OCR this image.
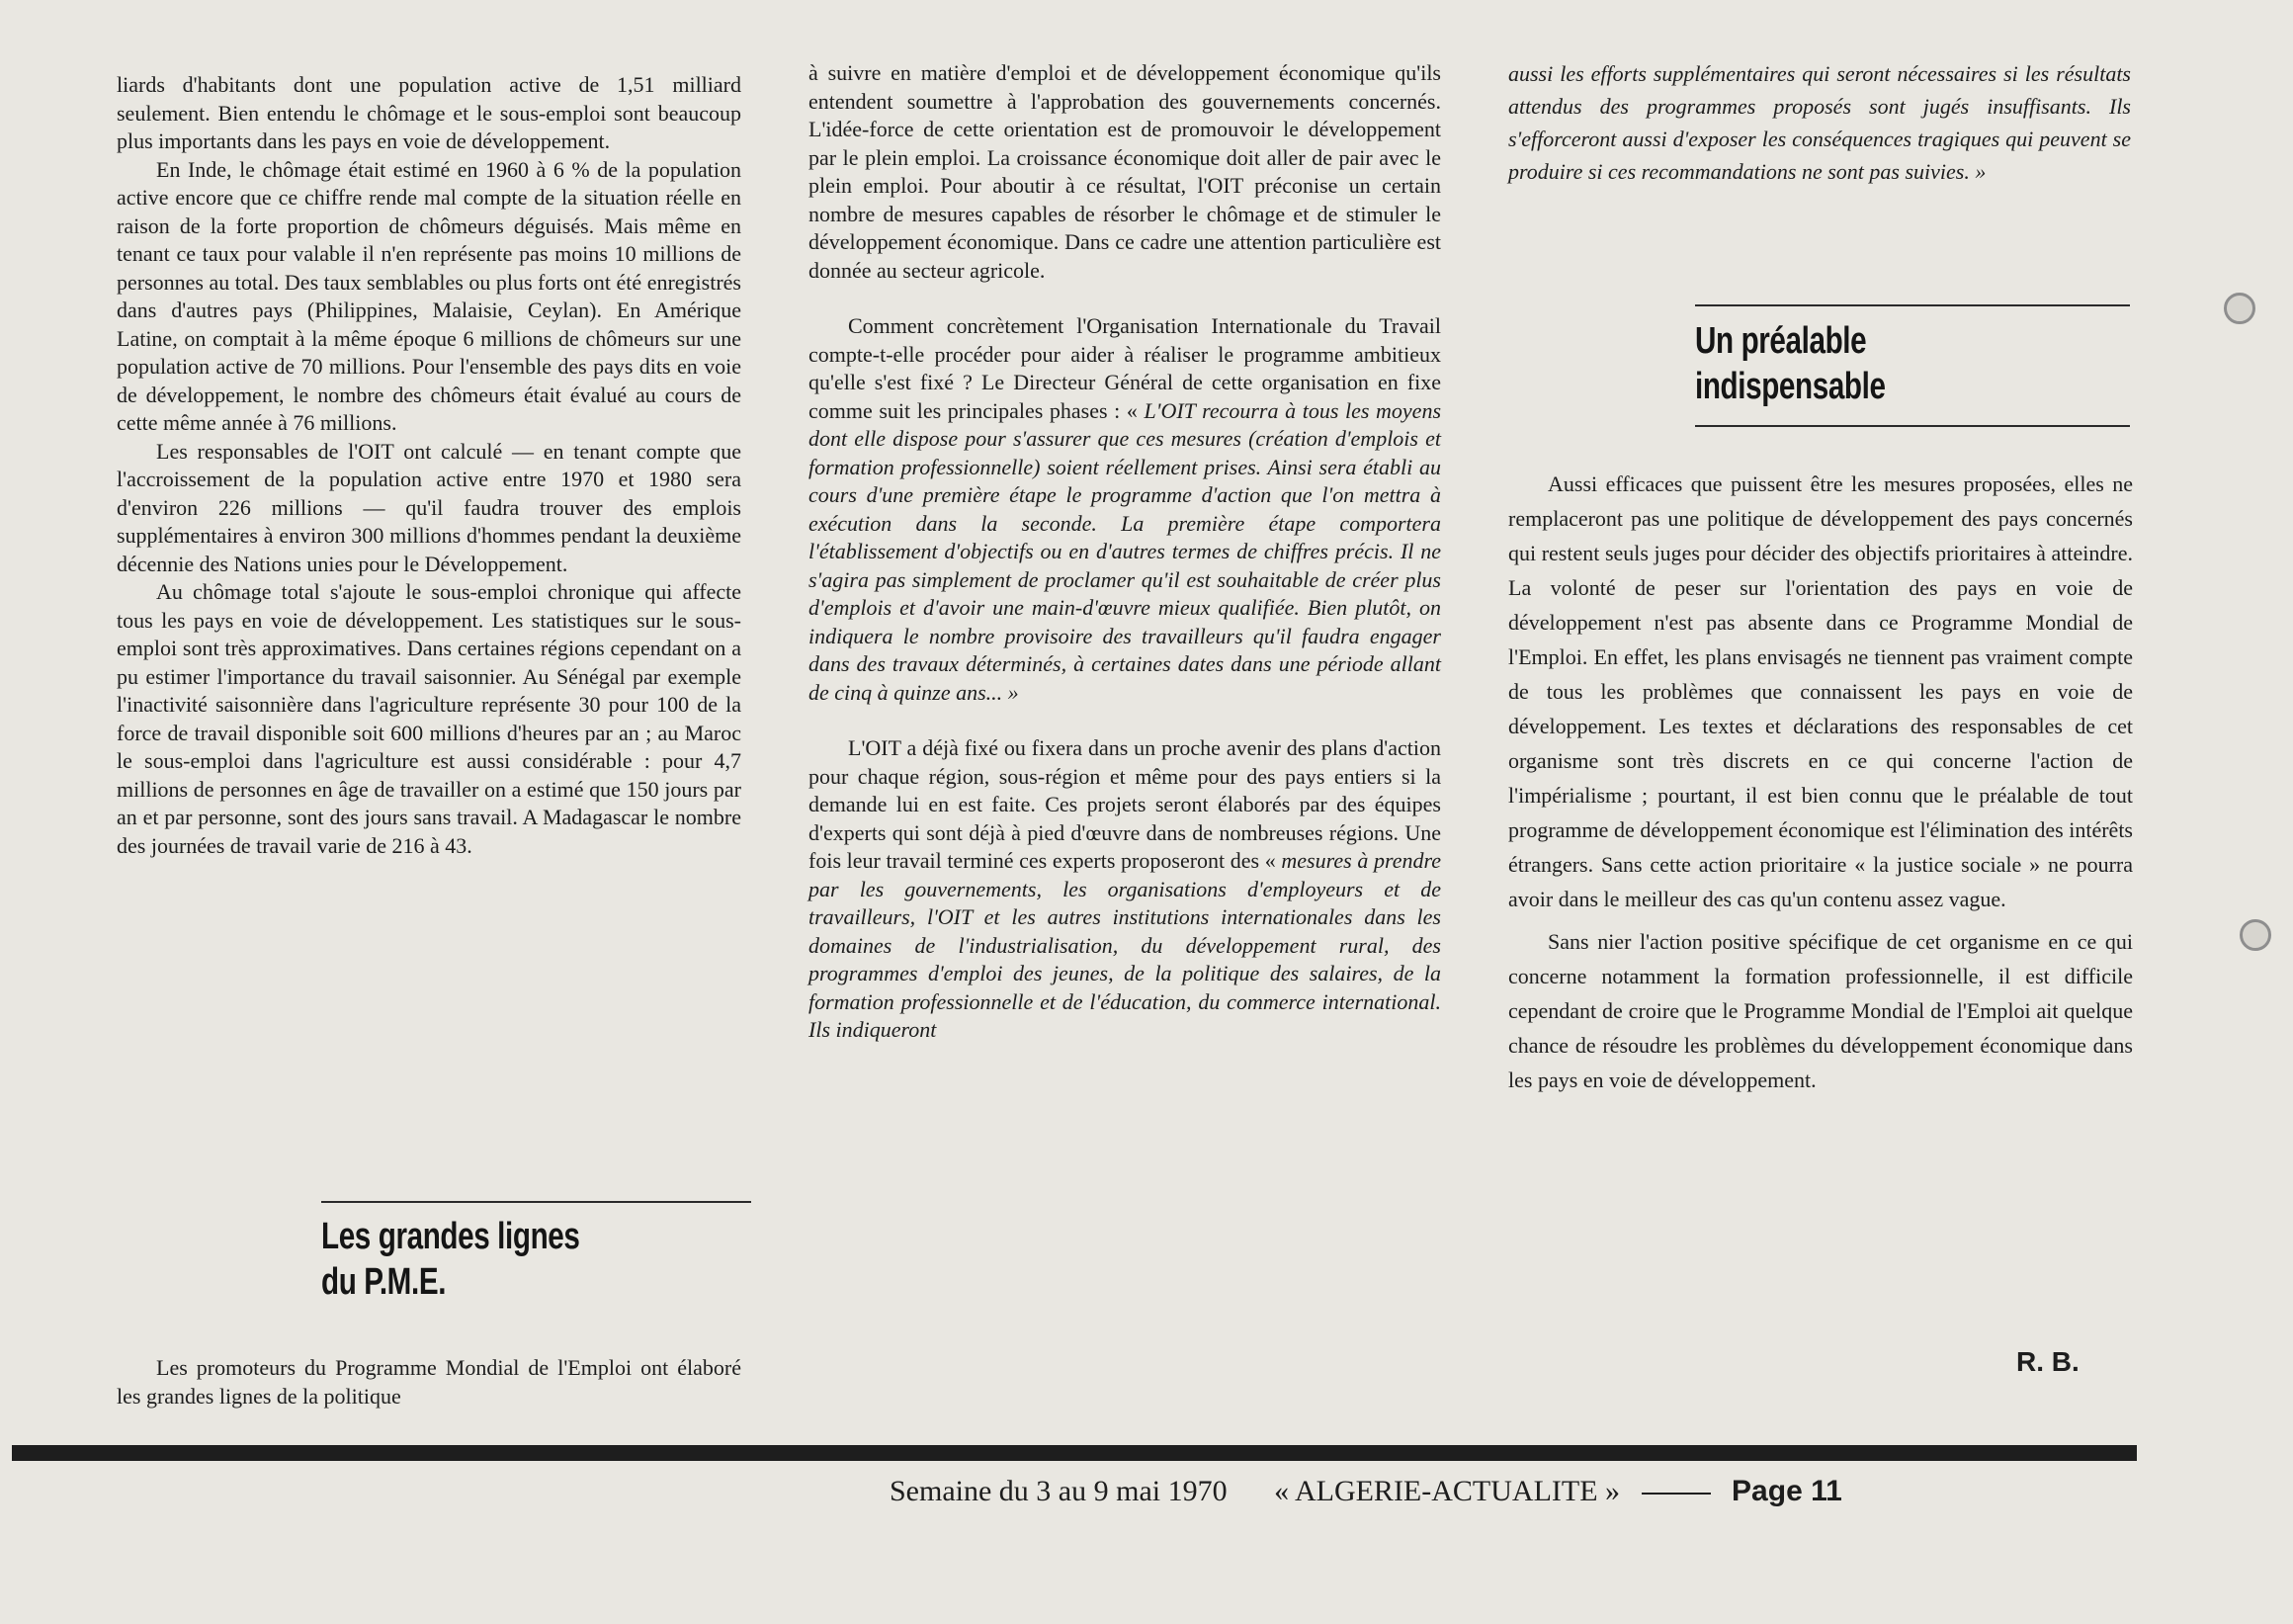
liards d'habitants dont une population active de 1,51 milliard seulement. Bien entendu le chômage et le sous-emploi sont beaucoup plus importants dans les pays en voie de développement.

En Inde, le chômage était estimé en 1960 à 6 % de la population active encore que ce chiffre rende mal compte de la situation réelle en raison de la forte proportion de chômeurs déguisés. Mais même en tenant ce taux pour valable il n'en représente pas moins 10 millions de personnes au total. Des taux semblables ou plus forts ont été enregistrés dans d'autres pays (Philippines, Malaisie, Ceylan). En Amérique Latine, on comptait à la même époque 6 millions de chômeurs sur une population active de 70 millions. Pour l'ensemble des pays dits en voie de développement, le nombre des chômeurs était évalué au cours de cette même année à 76 millions.

Les responsables de l'OIT ont calculé — en tenant compte que l'accroissement de la population active entre 1970 et 1980 sera d'environ 226 millions — qu'il faudra trouver des emplois supplémentaires à environ 300 millions d'hommes pendant la deuxième décennie des Nations unies pour le Développement.

Au chômage total s'ajoute le sous-emploi chronique qui affecte tous les pays en voie de développement. Les statistiques sur le sous-emploi sont très approximatives. Dans certaines régions cependant on a pu estimer l'importance du travail saisonnier. Au Sénégal par exemple l'inactivité saisonnière dans l'agriculture représente 30 pour 100 de la force de travail disponible soit 600 millions d'heures par an ; au Maroc le sous-emploi dans l'agriculture est aussi considérable : pour 4,7 millions de personnes en âge de travailler on a estimé que 150 jours par an et par personne, sont des jours sans travail. A Madagascar le nombre des journées de travail varie de 216 à 43.

Les grandes lignes
du P.M.E.

Les promoteurs du Programme Mondial de l'Emploi ont élaboré les grandes lignes de la politique

à suivre en matière d'emploi et de développement économique qu'ils entendent soumettre à l'approbation des gouvernements concernés. L'idée-force de cette orientation est de promouvoir le développement par le plein emploi. La croissance économique doit aller de pair avec le plein emploi. Pour aboutir à ce résultat, l'OIT préconise un certain nombre de mesures capables de résorber le chômage et de stimuler le développement économique. Dans ce cadre une attention particulière est donnée au secteur agricole.

Comment concrètement l'Organisation Internationale du Travail compte-t-elle procéder pour aider à réaliser le programme ambitieux qu'elle s'est fixé ? Le Directeur Général de cette organisation en fixe comme suit les principales phases : « L'OIT recourra à tous les moyens dont elle dispose pour s'assurer que ces mesures (création d'emplois et formation professionnelle) soient réellement prises. Ainsi sera établi au cours d'une première étape le programme d'action que l'on mettra à exécution dans la seconde. La première étape comportera l'établissement d'objectifs ou en d'autres termes de chiffres précis. Il ne s'agira pas simplement de proclamer qu'il est souhaitable de créer plus d'emplois et d'avoir une main-d'œuvre mieux qualifiée. Bien plutôt, on indiquera le nombre provisoire des travailleurs qu'il faudra engager dans des travaux déterminés, à certaines dates dans une période allant de cinq à quinze ans... »

L'OIT a déjà fixé ou fixera dans un proche avenir des plans d'action pour chaque région, sous-région et même pour des pays entiers si la demande lui en est faite. Ces projets seront élaborés par des équipes d'experts qui sont déjà à pied d'œuvre dans de nombreuses régions. Une fois leur travail terminé ces experts proposeront des « mesures à prendre par les gouvernements, les organisations d'employeurs et de travailleurs, l'OIT et les autres institutions internationales dans les domaines de l'industrialisation, du développement rural, des programmes d'emploi des jeunes, de la politique des salaires, de la formation professionnelle et de l'éducation, du commerce international. Ils indiqueront

aussi les efforts supplémentaires qui seront nécessaires si les résultats attendus des programmes proposés sont jugés insuffisants. Ils s'efforceront aussi d'exposer les conséquences tragiques qui peuvent se produire si ces recommandations ne sont pas suivies. »

Un préalable
indispensable

Aussi efficaces que puissent être les mesures proposées, elles ne remplaceront pas une politique de développement des pays concernés qui restent seuls juges pour décider des objectifs prioritaires à atteindre. La volonté de peser sur l'orientation des pays en voie de développement n'est pas absente dans ce Programme Mondial de l'Emploi. En effet, les plans envisagés ne tiennent pas vraiment compte de tous les problèmes que connaissent les pays en voie de développement. Les textes et déclarations des responsables de cet organisme sont très discrets en ce qui concerne l'action de l'impérialisme ; pourtant, il est bien connu que le préalable de tout programme de développement économique est l'élimination des intérêts étrangers. Sans cette action prioritaire « la justice sociale » ne pourra avoir dans le meilleur des cas qu'un contenu assez vague.

Sans nier l'action positive spécifique de cet organisme en ce qui concerne notamment la formation professionnelle, il est difficile cependant de croire que le Programme Mondial de l'Emploi ait quelque chance de résoudre les problèmes du développement économique dans les pays en voie de développement.

R. B.
Semaine du 3 au 9 mai 1970 « ALGERIE-ACTUALITE »	Page 11
